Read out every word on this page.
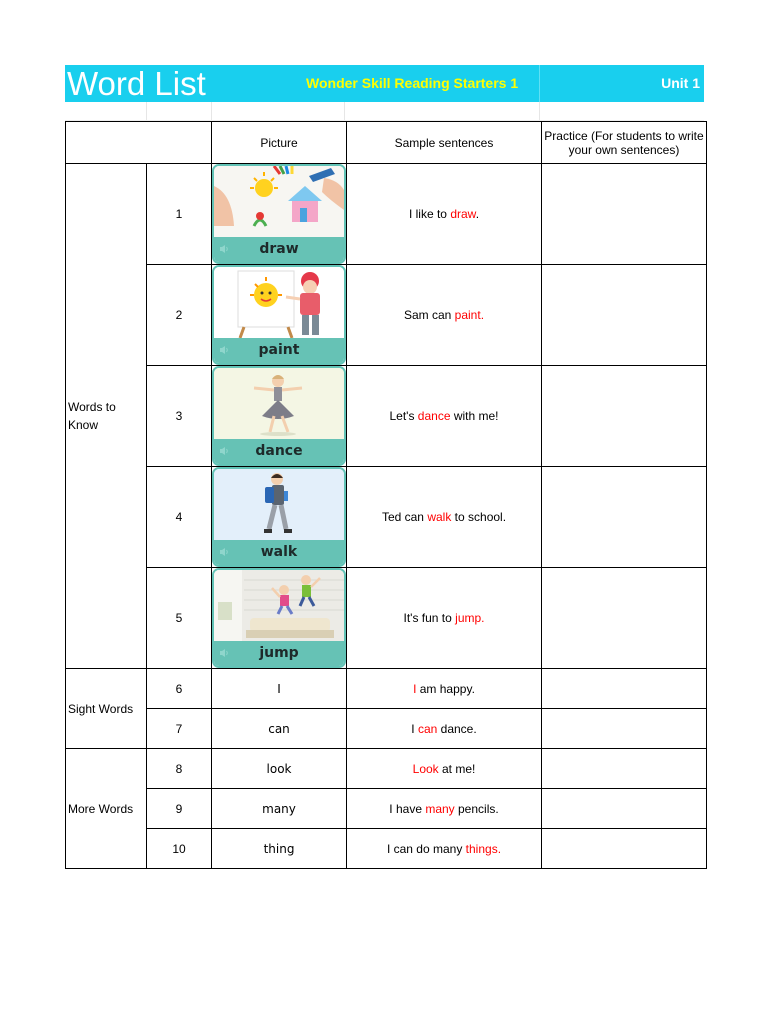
Word List	Wonder Skill Reading Starters 1	Unit 1
		Picture	Sample sentences	Practice (For students to write your own sentences)
Words to Know	1	draw	I like to draw.	
	2	paint	Sam can paint.	
	3	dance	Let's dance with me!	
	4	walk	Ted can walk to school.	
	5	jump	It's fun to jump.	
Sight Words	6	I	I am happy.	
	7	can	I can dance.	
More Words	8	look	Look at me!	
	9	many	I have many pencils.	
	10	thing	I can do many things.	
